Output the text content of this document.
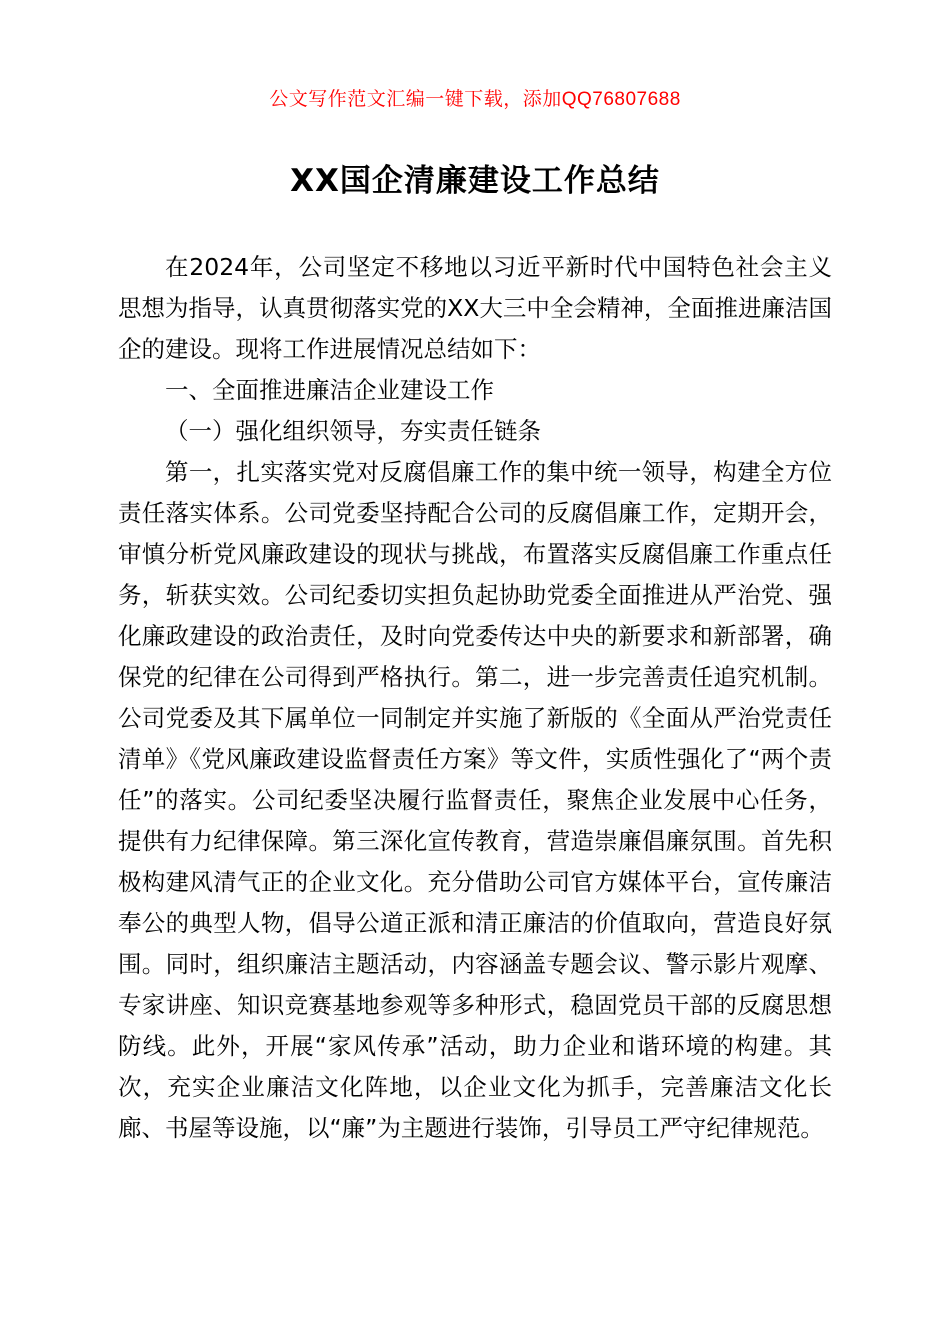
公文写作范文汇编一键下载，添加QQ76807688
XX国企清廉建设工作总结

在2024年，公司坚定不移地以习近平新时代中国特色社会主义思想为指导，认真贯彻落实党的XX大三中全会精神，全面推进廉洁国企的建设。现将工作进展情况总结如下：

一、全面推进廉洁企业建设工作

（一）强化组织领导，夯实责任链条

第一，扎实落实党对反腐倡廉工作的集中统一领导，构建全方位责任落实体系。公司党委坚持配合公司的反腐倡廉工作，定期开会，审慎分析党风廉政建设的现状与挑战，布置落实反腐倡廉工作重点任务，斩获实效。公司纪委切实担负起协助党委全面推进从严治党、强化廉政建设的政治责任，及时向党委传达中央的新要求和新部署，确保党的纪律在公司得到严格执行。第二，进一步完善责任追究机制。公司党委及其下属单位一同制定并实施了新版的《全面从严治党责任清单》《党风廉政建设监督责任方案》等文件，实质性强化了“两个责任”的落实。公司纪委坚决履行监督责任，聚焦企业发展中心任务，提供有力纪律保障。第三深化宣传教育，营造崇廉倡廉氛围。首先积极构建风清气正的企业文化。充分借助公司官方媒体平台，宣传廉洁奉公的典型人物，倡导公道正派和清正廉洁的价值取向，营造良好氛围。同时，组织廉洁主题活动，内容涵盖专题会议、警示影片观摩、专家讲座、知识竞赛基地参观等多种形式，稳固党员干部的反腐思想防线。此外，开展“家风传承”活动，助力企业和谐环境的构建。其次，充实企业廉洁文化阵地，以企业文化为抓手，完善廉洁文化长廊、书屋等设施，以“廉”为主题进行装饰，引导员工严守纪律规范。
